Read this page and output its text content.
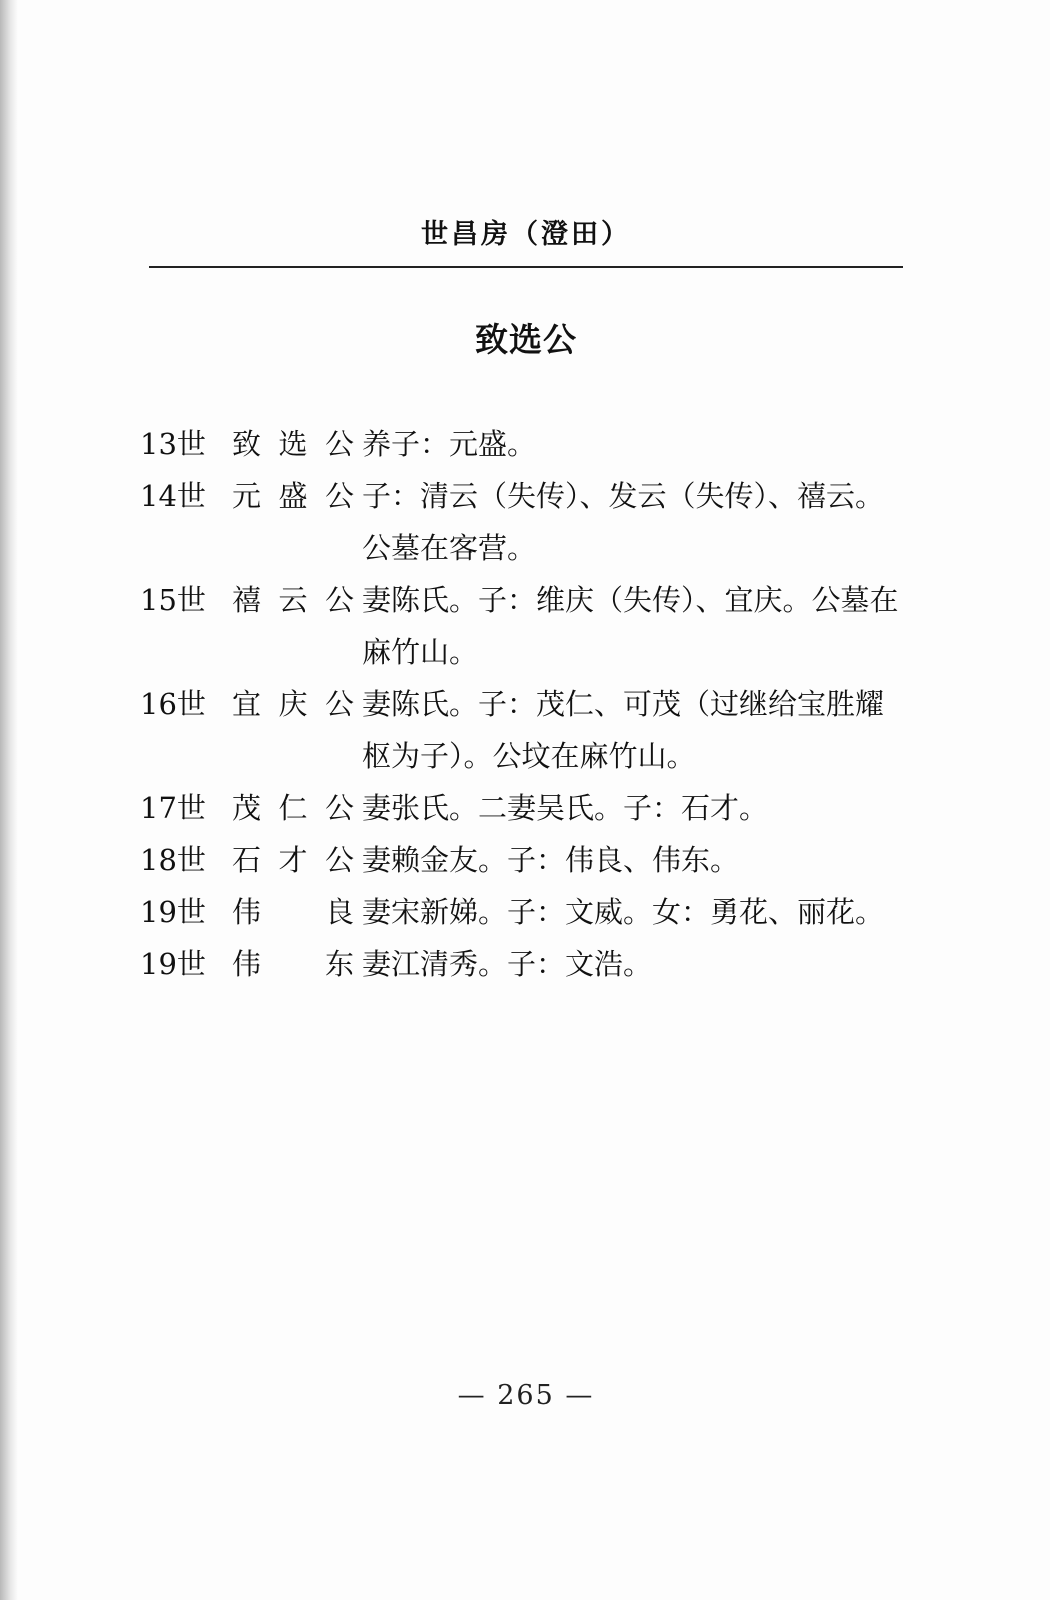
世昌房（澄田）
致选公
13世 致选公 养子：元盛。
14世 元盛公 子：清云（失传）、发云（失传）、禧云。公墓在客营。
15世 禧云公 妻陈氏。子：维庆（失传）、宜庆。公墓在麻竹山。
16世 宜庆公 妻陈氏。子：茂仁、可茂（过继给宝胜耀枢为子）。公坟在麻竹山。
17世 茂仁公 妻张氏。二妻吴氏。子：石才。
18世 石才公 妻赖金友。子：伟良、伟东。
19世 伟　良 妻宋新娣。子：文威。女：勇花、丽花。
19世 伟　东 妻江清秀。子：文浩。
— 265 —
